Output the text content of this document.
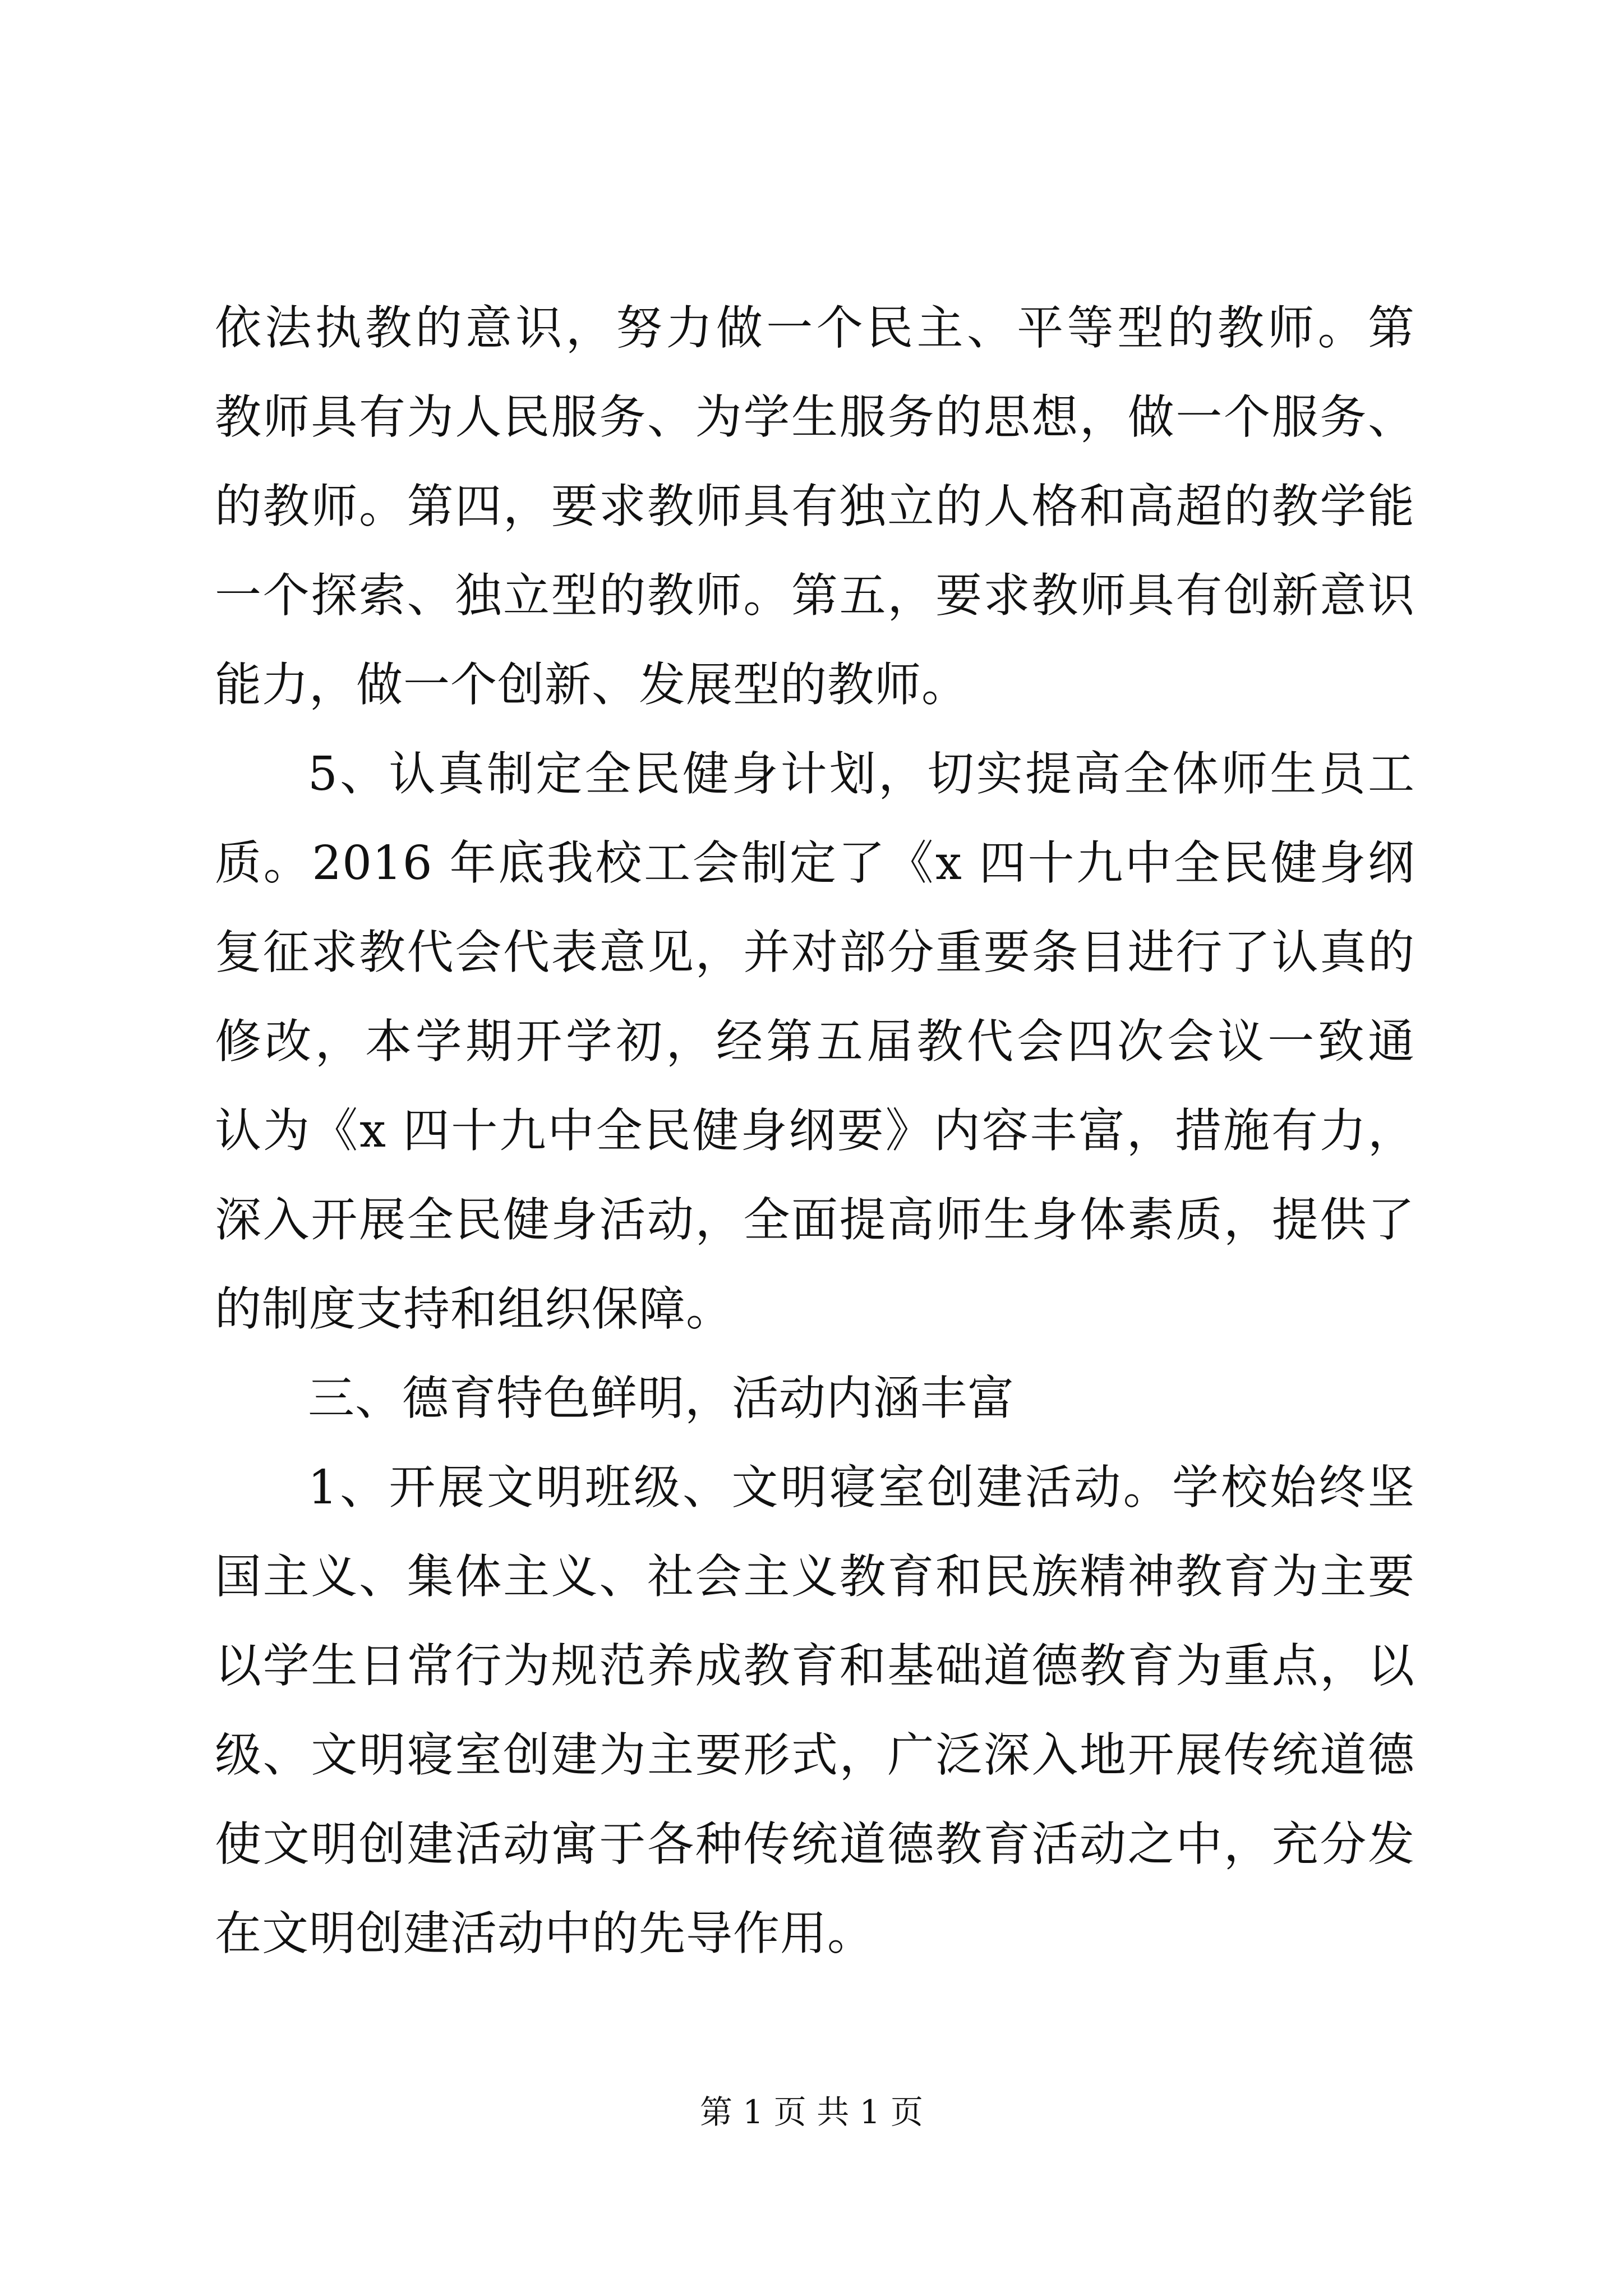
依法执教的意识，努力做一个民主、平等型的教师。第
教师具有为人民服务、为学生服务的思想，做一个服务、
的教师。第四，要求教师具有独立的人格和高超的教学能
一个探索、独立型的教师。第五，要求教师具有创新意识
能力，做一个创新、发展型的教师。
5、认真制定全民健身计划，切实提高全体师生员工
质。2016 年底我校工会制定了《x 四十九中全民健身纲
复征求教代会代表意见，并对部分重要条目进行了认真的
修改，本学期开学初，经第五届教代会四次会议一致通
认为《x 四十九中全民健身纲要》内容丰富，措施有力，
深入开展全民健身活动，全面提高师生身体素质，提供了
的制度支持和组织保障。
三、德育特色鲜明，活动内涵丰富
1、开展文明班级、文明寝室创建活动。学校始终坚
国主义、集体主义、社会主义教育和民族精神教育为主要
以学生日常行为规范养成教育和基础道德教育为重点，以
级、文明寝室创建为主要形式，广泛深入地开展传统道德
使文明创建活动寓于各种传统道德教育活动之中，充分发
在文明创建活动中的先导作用。
第 1 页 共 1 页
